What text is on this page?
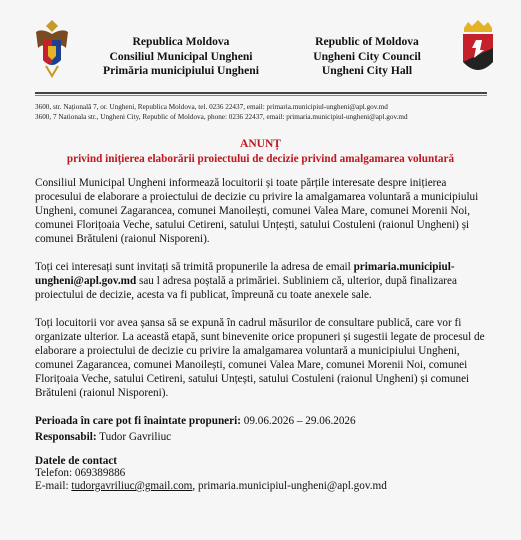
Republica Moldova
Consiliul Municipal Ungheni
Primăria municipiului Ungheni
Republic of Moldova
Ungheni City Council
Ungheni City Hall
3600, str. Națională 7, or. Ungheni, Republica Moldova, tel. 0236 22437, email: primaria.municipiul-ungheni@apl.gov.md
3600, 7 Nationala str., Ungheni City, Republic of Moldova, phone: 0236 22437, email: primaria.municipiul-ungheni@apl.gov.md
ANUNȚ
privind inițierea elaborării proiectului de decizie privind amalgamarea voluntară
Consiliul Municipal Ungheni informează locuitorii și toate părțile interesate despre inițierea procesului de elaborare a proiectului de decizie cu privire la amalgamarea voluntară a municipiului Ungheni, comunei Zagarancea, comunei Manoilești, comunei Valea Mare, comunei Morenii Noi, comunei Florițoaia Veche, satului Cetireni, satului Unțești, satului Costuleni (raionul Ungheni) și comunei Brătuleni (raionul Nisporeni).
Toți cei interesați sunt invitați să trimită propunerile la adresa de email primaria.municipiul-ungheni@apl.gov.md sau l adresa poștală a primăriei. Subliniem că, ulterior, după finalizarea proiectului de decizie, acesta va fi publicat, împreună cu toate anexele sale.
Toți locuitorii vor avea șansa să se expună în cadrul măsurilor de consultare publică, care vor fi organizate ulterior. La această etapă, sunt binevenite orice propuneri și sugestii legate de procesul de elaborare a proiectului de decizie cu privire la amalgamarea voluntară a municipiului Ungheni, comunei Zagarancea, comunei Manoilești, comunei Valea Mare, comunei Morenii Noi, comunei Florițoaia Veche, satului Cetireni, satului Unțești, satului Costuleni (raionul Ungheni) și comunei Brătuleni (raionul Nisporeni).
Perioada în care pot fi înaintate propuneri: 09.06.2026 – 29.06.2026
Responsabil: Tudor Gavriliuc
Datele de contact
Telefon: 069389886
E-mail: tudorgavriliuc@gmail.com, primaria.municipiul-ungheni@apl.gov.md
